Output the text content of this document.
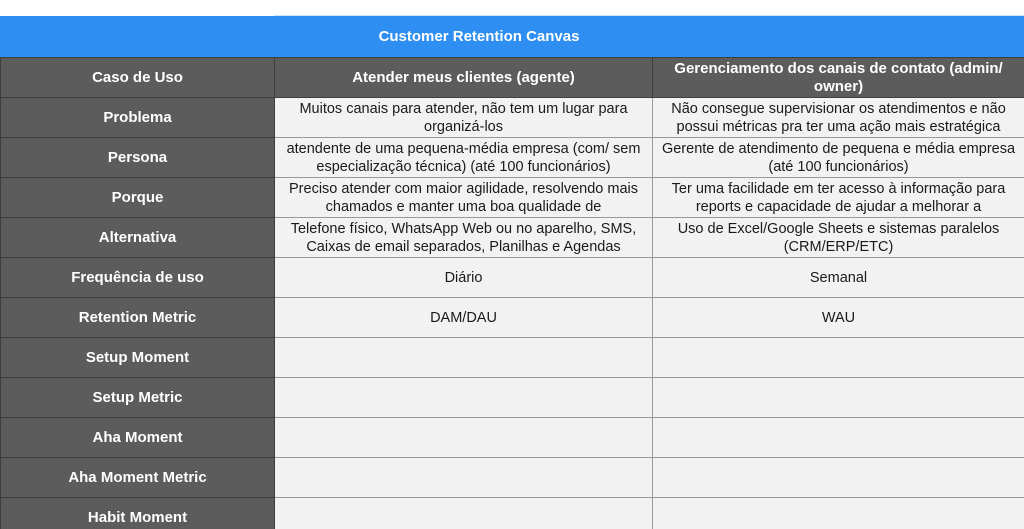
Customer Retention Canvas
Caso de Uso	Atender meus clientes (agente)	Gerenciamento dos canais de contato (admin/ owner)
Problema	Muitos canais para atender, não tem um lugar para organizá-los	Não consegue supervisionar os atendimentos e não possui métricas pra ter uma ação mais estratégica

Persona	atendente de uma pequena-média empresa (com/ sem especialização técnica) (até 100 funcionários)	Gerente de atendimento de pequena e média empresa (até 100 funcionários)

Porque	Preciso atender com maior agilidade, resolvendo mais chamados e manter uma boa qualidade de	Ter uma facilidade em ter acesso à informação para reports e capacidade de ajudar a melhorar a

Alternativa	Telefone físico, WhatsApp Web ou no aparelho, SMS, Caixas de email separados, Planilhas e Agendas	Uso de Excel/Google Sheets e sistemas paralelos (CRM/ERP/ETC)

Frequência de uso	Diário	Semanal

Retention Metric	DAM/DAU	WAU

Setup Moment	

Setup Metric	

Aha Moment	

Aha Moment Metric	

Habit Moment	
